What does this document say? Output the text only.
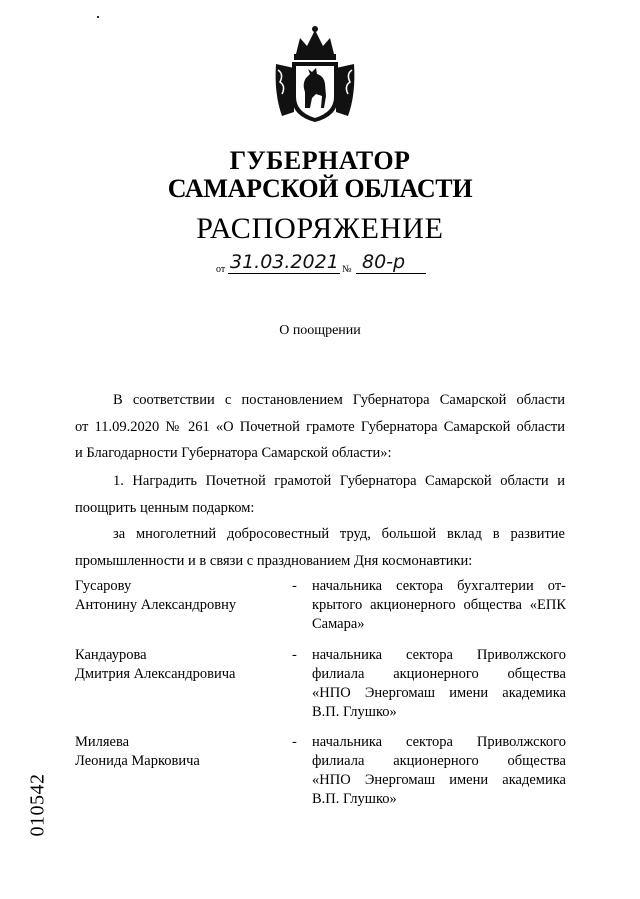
ГУБЕРНАТОР
САМАРСКОЙ ОБЛАСТИ
РАСПОРЯЖЕНИЕ
от 31.03.2021 № 80-р
О поощрении
В соответствии с постановлением Губернатора Самарской области
от 11.09.2020 № 261 «О Почетной грамоте Губернатора Самарской области
и Благодарности Губернатора Самарской области»:
1. Наградить Почетной грамотой Губернатора Самарской области и
поощрить ценным подарком:
за многолетний добросовестный труд, большой вклад в развитие
промышленности и в связи с празднованием Дня космонавтики:
Гусарову
Антонину Александровну
- начальника сектора бухгалтерии от-
крытого акционерного общества «ЕПК
Самара»
Кандаурова
Дмитрия Александровича
- начальника сектора Приволжского
филиала акционерного общества
«НПО Энергомаш имени академика
В.П. Глушко»
Миляева
Леонида Марковича
- начальника сектора Приволжского
филиала акционерного общества
«НПО Энергомаш имени академика
В.П. Глушко»
010542
